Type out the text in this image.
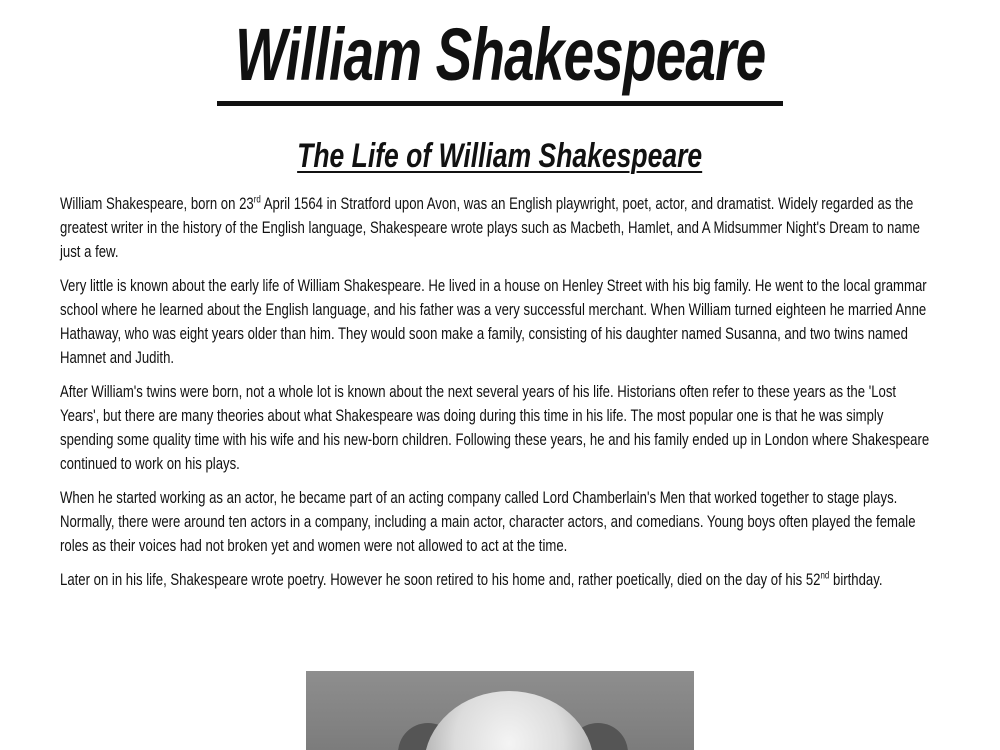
William Shakespeare
The Life of William Shakespeare

William Shakespeare, born on 23rd April 1564 in Stratford upon Avon, was an English playwright, poet, actor, and dramatist. Widely regarded as the greatest writer in the history of the English language, Shakespeare wrote plays such as Macbeth, Hamlet, and A Midsummer Night's Dream to name just a few.

Very little is known about the early life of William Shakespeare. He lived in a house on Henley Street with his big family. He went to the local grammar school where he learned about the English language, and his father was a very successful merchant. When William turned eighteen he married Anne Hathaway, who was eight years older than him. They would soon make a family, consisting of his daughter named Susanna, and two twins named Hamnet and Judith.

After William's twins were born, not a whole lot is known about the next several years of his life. Historians often refer to these years as the 'Lost Years', but there are many theories about what Shakespeare was doing during this time in his life. The most popular one is that he was simply spending some quality time with his wife and his new-born children. Following these years, he and his family ended up in London where Shakespeare continued to work on his plays.

When he started working as an actor, he became part of an acting company called Lord Chamberlain's Men that worked together to stage plays. Normally, there were around ten actors in a company, including a main actor, character actors, and comedians. Young boys often played the female roles as their voices had not broken yet and women were not allowed to act at the time.

Later on in his life, Shakespeare wrote poetry. However he soon retired to his home and, rather poetically, died on the day of his 52nd birthday.
